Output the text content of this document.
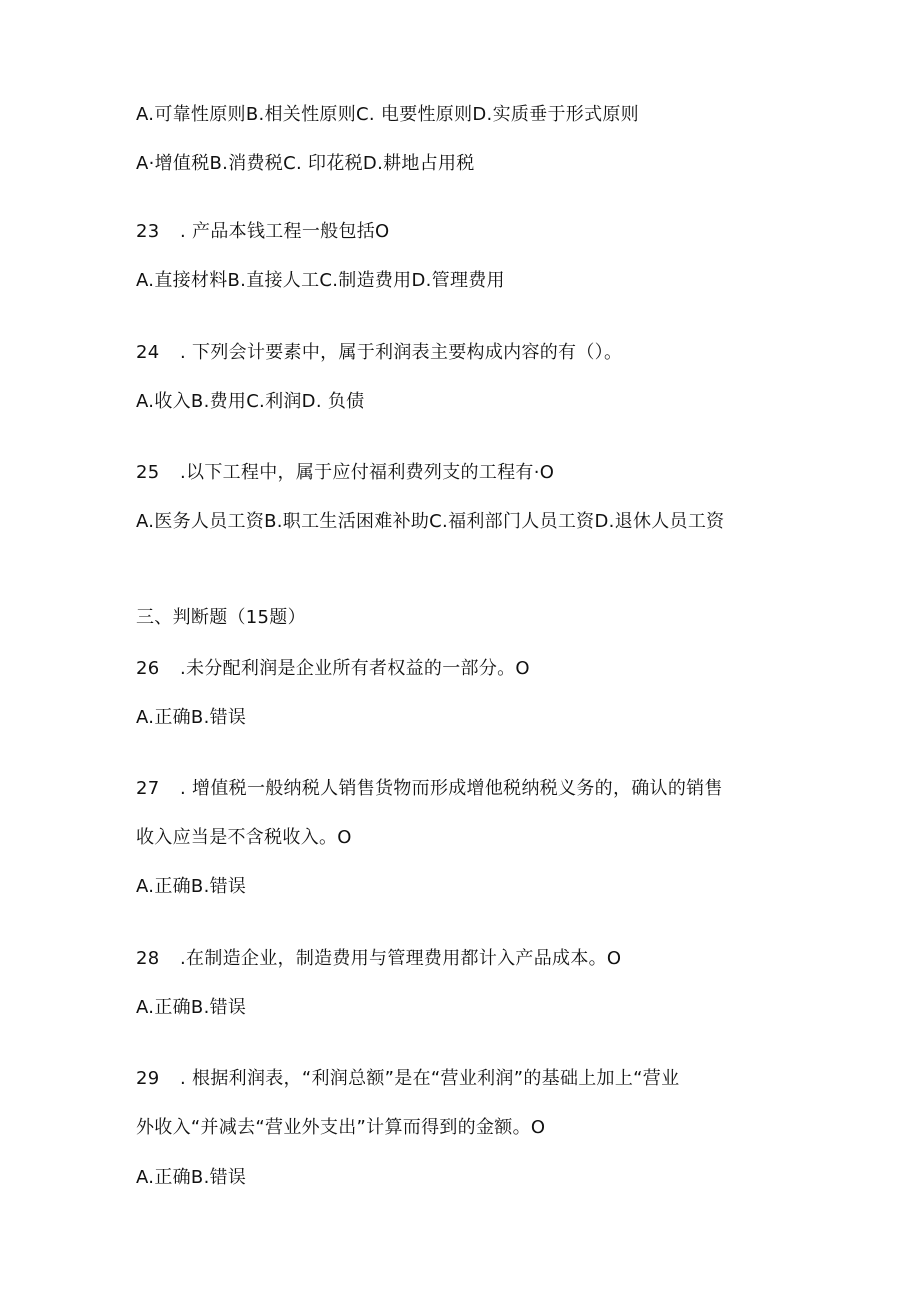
A.可靠性原则B.相关性原则C. 电要性原则D.实质垂于形式原则
A·增值税B.消费税C. 印花税D.耕地占用税
23 . 产品本钱工程一般包括O
A.直接材料B.直接人工C.制造费用D.管理费用
24 . 下列会计要素中，属于利润表主要构成内容的有（）。
A.收入B.费用C.利润D. 负债
25 .以下工程中，属于应付福利费列支的工程有·O
A.医务人员工资B.职工生活困难补助C.福利部门人员工资D.退休人员工资
三、判断题（15题）
26 .未分配利润是企业所有者权益的一部分。O
A.正确B.错误
27 . 增值税一般纳税人销售货物而形成增他税纳税义务的，确认的销售
收入应当是不含税收入。O
A.正确B.错误
28 .在制造企业，制造费用与管理费用都计入产品成本。O
A.正确B.错误
29 . 根据利润表，“利润总额”是在“营业利润”的基础上加上“营业
外收入“并减去“营业外支出”计算而得到的金额。O
A.正确B.错误
